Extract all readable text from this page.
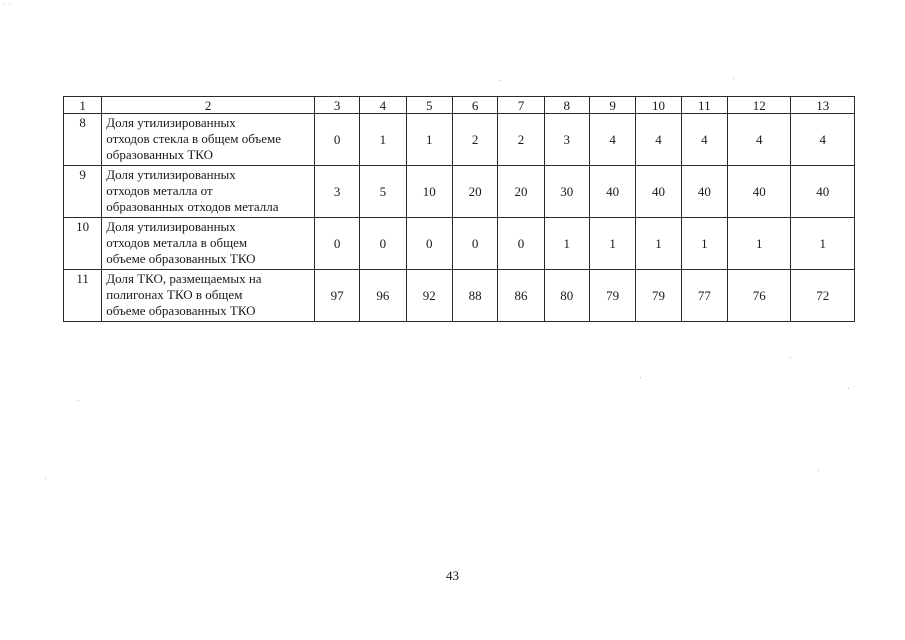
1	2	3	4	5	6	7	8	9	10	11	12	13
8	Доля утилизированных
отходов стекла в общем объеме
образованных ТКО	0	1	1	2	2	3	4	4	4	4	4
9	Доля утилизированных
отходов металла от
образованных отходов металла	3	5	10	20	20	30	40	40	40	40	40
10	Доля утилизированных
отходов металла в общем
объеме образованных ТКО	0	0	0	0	0	1	1	1	1	1	1
11	Доля ТКО, размещаемых на
полигонах ТКО в общем
объеме образованных ТКО	97	96	92	88	86	80	79	79	77	76	72
43
